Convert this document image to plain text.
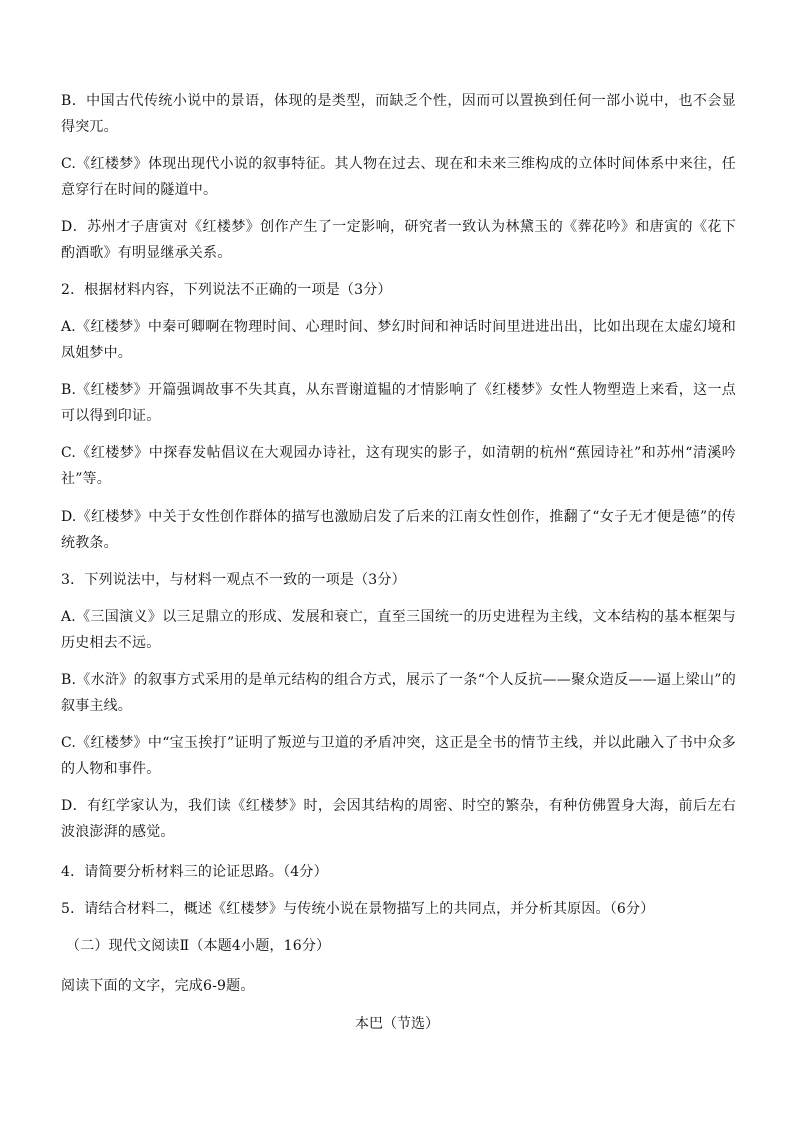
B．中国古代传统小说中的景语，体现的是类型，而缺乏个性，因而可以置换到任何一部小说中，也不会显得突兀。

C.《红楼梦》体现出现代小说的叙事特征。其人物在过去、现在和未来三维构成的立体时间体系中来往，任意穿行在时间的隧道中。

D．苏州才子唐寅对《红楼梦》创作产生了一定影响，研究者一致认为林黛玉的《葬花吟》和唐寅的《花下酌酒歌》有明显继承关系。

2．根据材料内容，下列说法不正确的一项是（3分）

A.《红楼梦》中秦可卿啊在物理时间、心理时间、梦幻时间和神话时间里进进出出，比如出现在太虚幻境和凤姐梦中。

B.《红楼梦》开篇强调故事不失其真，从东晋谢道韫的才情影响了《红楼梦》女性人物塑造上来看，这一点可以得到印证。

C.《红楼梦》中探春发帖倡议在大观园办诗社，这有现实的影子，如清朝的杭州“蕉园诗社”和苏州“清溪吟社”等。

D.《红楼梦》中关于女性创作群体的描写也激励启发了后来的江南女性创作，推翻了“女子无才便是德”的传统教条。

3．下列说法中，与材料一观点不一致的一项是（3分）

A.《三国演义》以三足鼎立的形成、发展和衰亡，直至三国统一的历史进程为主线，文本结构的基本框架与历史相去不远。

B.《水浒》的叙事方式采用的是单元结构的组合方式，展示了一条“个人反抗——聚众造反——逼上梁山”的叙事主线。

C.《红楼梦》中“宝玉挨打”证明了叛逆与卫道的矛盾冲突，这正是全书的情节主线，并以此融入了书中众多的人物和事件。

D．有红学家认为，我们读《红楼梦》时，会因其结构的周密、时空的繁杂，有种仿佛置身大海，前后左右波浪澎湃的感觉。

4．请简要分析材料三的论证思路。（4分）

5．请结合材料二，概述《红楼梦》与传统小说在景物描写上的共同点，并分析其原因。（6分）

（二）现代文阅读Ⅱ（本题4小题，16分）

阅读下面的文字，完成6-9题。

本巴（节选）
